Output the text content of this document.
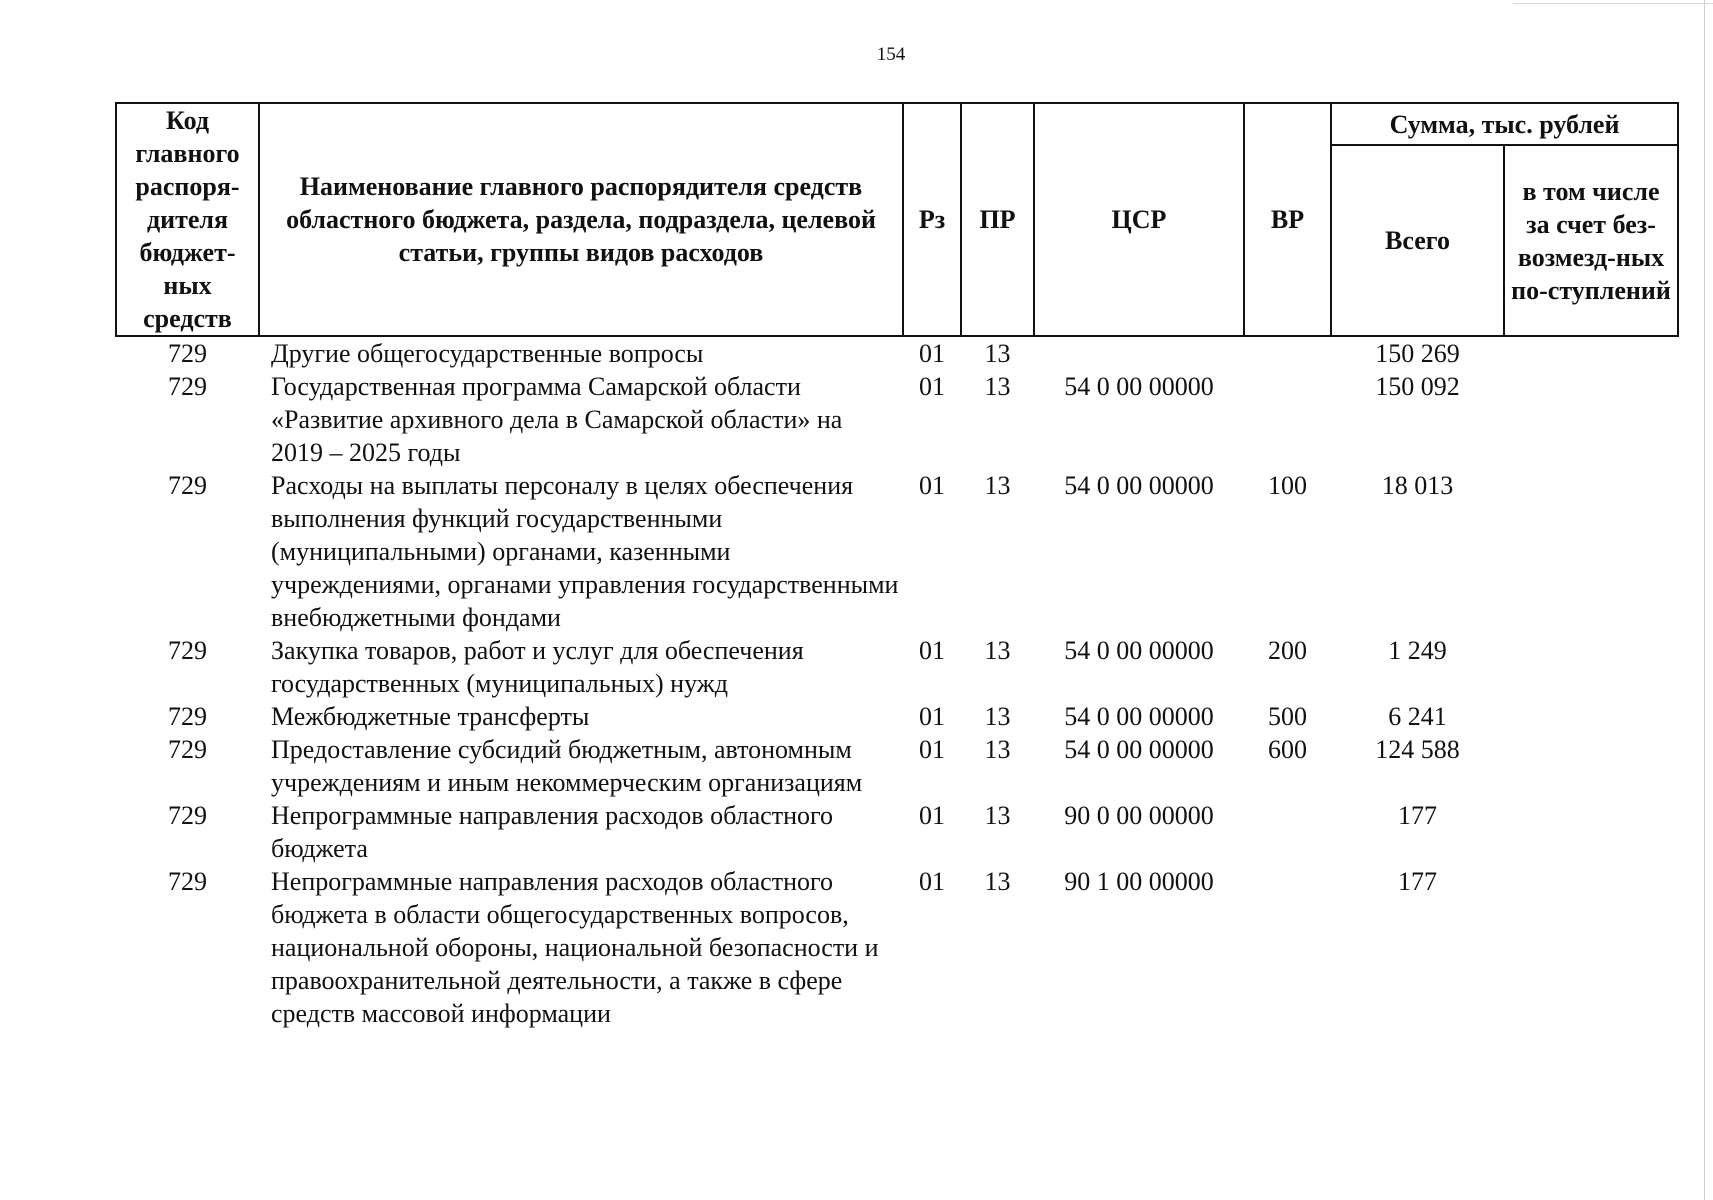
154
Код главного распоря-дителя бюджет-ных средств	Наименование главного распорядителя средств областного бюджета, раздела, подраздела, целевой статьи, группы видов расходов	Рз	ПР	ЦСР	ВР	Сумма, тыс. рублей	
						Всего	в том числе за счет без-возмезд-ных по-ступлений
729	Другие общегосударственные вопросы	01	13			150 269	
729	Государственная программа Самарской области «Развитие архивного дела в Самарской области» на 2019 – 2025 годы	01	13	54 0 00 00000		150 092	
729	Расходы на выплаты персоналу в целях обеспечения выполнения функций государственными (муниципальными) органами, казенными учреждениями, органами управления государственными внебюджетными фондами	01	13	54 0 00 00000	100	18 013	
729	Закупка товаров, работ и услуг для обеспечения государственных (муниципальных) нужд	01	13	54 0 00 00000	200	1 249	
729	Межбюджетные трансферты	01	13	54 0 00 00000	500	6 241	
729	Предоставление субсидий бюджетным, автономным учреждениям и иным некоммерческим организациям	01	13	54 0 00 00000	600	124 588	
729	Непрограммные направления расходов областного бюджета	01	13	90 0 00 00000		177	
729	Непрограммные направления расходов областного бюджета в области общегосударственных вопросов, национальной обороны, национальной безопасности и правоохранительной деятельности, а также в сфере средств массовой информации	01	13	90 1 00 00000		177	
